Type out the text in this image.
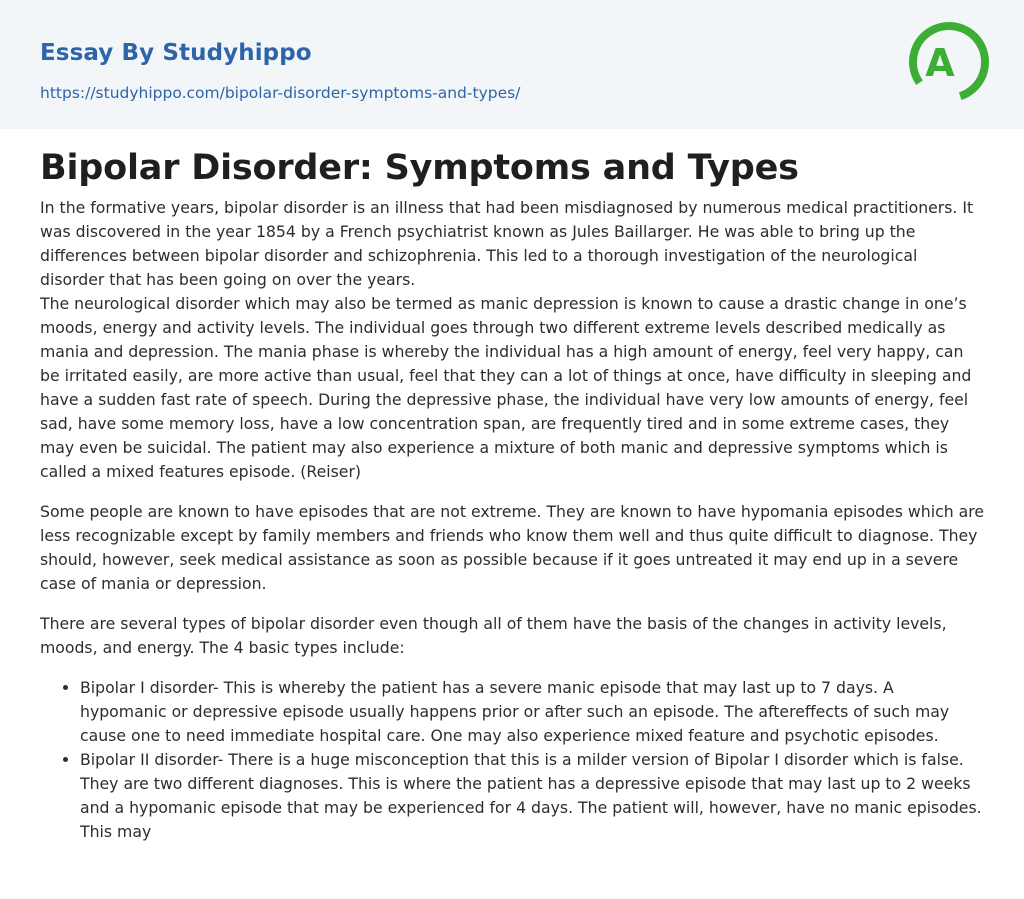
Essay By Studyhippo
https://studyhippo.com/bipolar-disorder-symptoms-and-types/
A
Bipolar Disorder: Symptoms and Types

In the formative years, bipolar disorder is an illness that had been misdiagnosed by numerous medical practitioners. It was discovered in the year 1854 by a French psychiatrist known as Jules Baillarger. He was able to bring up the differences between bipolar disorder and schizophrenia. This led to a thorough investigation of the neurological disorder that has been going on over the years.

The neurological disorder which may also be termed as manic depression is known to cause a drastic change in one’s moods, energy and activity levels. The individual goes through two different extreme levels described medically as mania and depression. The mania phase is whereby the individual has a high amount of energy, feel very happy, can be irritated easily, are more active than usual, feel that they can a lot of things at once, have difficulty in sleeping and have a sudden fast rate of speech. During the depressive phase, the individual have very low amounts of energy, feel sad, have some memory loss, have a low concentration span, are frequently tired and in some extreme cases, they may even be suicidal. The patient may also experience a mixture of both manic and depressive symptoms which is called a mixed features episode. (Reiser)

Some people are known to have episodes that are not extreme. They are known to have hypomania episodes which are less recognizable except by family members and friends who know them well and thus quite difficult to diagnose. They should, however, seek medical assistance as soon as possible because if it goes untreated it may end up in a severe case of mania or depression.

There are several types of bipolar disorder even though all of them have the basis of the changes in activity levels, moods, and energy. The 4 basic types include:

• Bipolar I disorder- This is whereby the patient has a severe manic episode that may last up to 7 days. A hypomanic or depressive episode usually happens prior or after such an episode. The aftereffects of such may cause one to need immediate hospital care. One may also experience mixed feature and psychotic episodes.
• Bipolar II disorder- There is a huge misconception that this is a milder version of Bipolar I disorder which is false. They are two different diagnoses. This is where the patient has a depressive episode that may last up to 2 weeks and a hypomanic episode that may be experienced for 4 days. The patient will, however, have no manic episodes. This may
